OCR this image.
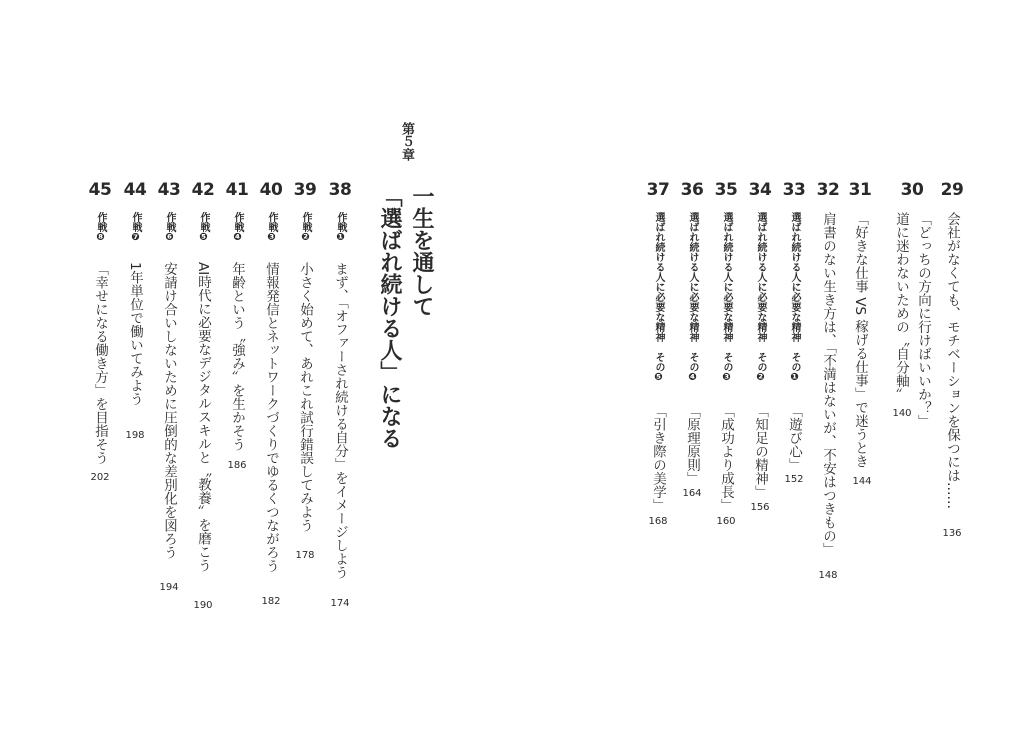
29
会社がなくても、モチベーションを保つには……
136
30
「どっちの方向に行けばいいか？」
道に迷わないための〝自分軸〟
140
31
「好きな仕事 VS 稼げる仕事」で迷うとき
144
32
肩書のない生き方は、「不満はないが、不安はつきもの」
148
33
選ばれ続ける人に必要な精神　その❶
「遊び心」
152
34
選ばれ続ける人に必要な精神　その❷
「知足の精神」
156
35
選ばれ続ける人に必要な精神　その❸
「成功より成長」
160
36
選ばれ続ける人に必要な精神　その❹
「原理原則」
164
37
選ばれ続ける人に必要な精神　その❺
「引き際の美学」
168
第５章
一生を通して
「選ばれ続ける人」になる
38
作戦❶
まず、「オファーされ続ける自分」をイメージしよう
174
39
作戦❷
小さく始めて、あれこれ試行錯誤してみよう
178
40
作戦❸
情報発信とネットワークづくりでゆるくつながろう
182
41
作戦❹
年齢という〝強み〟を生かそう
186
42
作戦❺
AI時代に必要なデジタルスキルと〝教養〟を磨こう
190
43
作戦❻
安請け合いしないために圧倒的な差別化を図ろう
194
44
作戦❼
1年単位で働いてみよう
198
45
作戦❽
「幸せになる働き方」を目指そう
202
